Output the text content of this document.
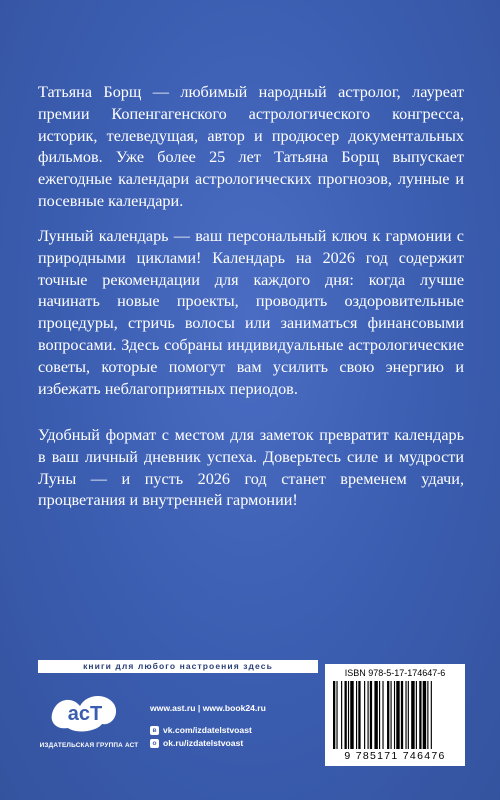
Татьяна Борщ — любимый народный астролог, лауреат премии Копенгагенского астрологического конгресса, историк, телеведущая, автор и продюсер документальных фильмов. Уже более 25 лет Татьяна Борщ выпускает ежегодные календари астрологических прогнозов, лунные и посевные календари.

Лунный календарь — ваш персональный ключ к гармонии с природными циклами! Календарь на 2026 год содержит точные рекомендации для каждого дня: когда лучше начинать новые проекты, проводить оздоровительные процедуры, стричь волосы или заниматься финансовыми вопросами. Здесь собраны индивидуальные астрологические советы, которые помогут вам усилить свою энергию и избежать неблагоприятных периодов.

Удобный формат с местом для заметок превратит календарь в ваш личный дневник успеха. Доверьтесь силе и мудрости Луны — и пусть 2026 год станет временем удачи, процветания и внутренней гармонии!

книги для любого настроения здесь
acT
ИЗДАТЕЛЬСКАЯ ГРУППА АСТ
www.ast.ru | www.book24.ru
в vk.com/izdatelstvoast
о ok.ru/izdatelstvoast
ISBN 978-5-17-174647-6
9 785171 746476
